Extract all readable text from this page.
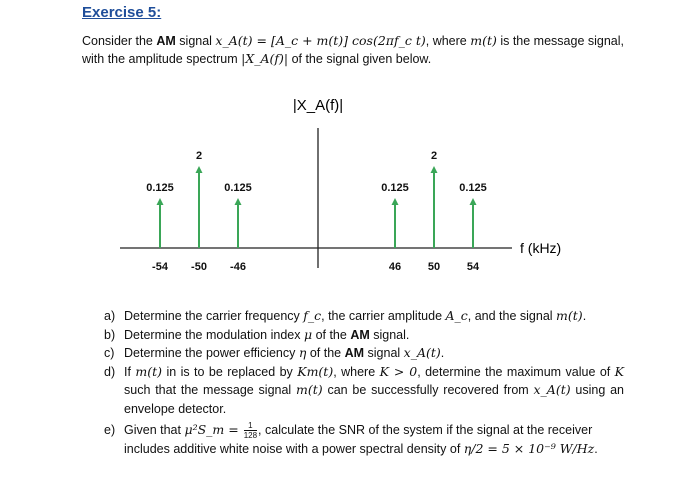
Exercise 5:
Consider the AM signal x_A(t) = [A_c + m(t)] cos(2πf_c t), where m(t) is the message signal, with the amplitude spectrum |X_A(f)| of the signal given below.
|X_A(f)|
f (kHz)
0.125
2
0.125	0.125
2
0.125
-54 -50 -46	46 50 54
a) Determine the carrier frequency f_c, the carrier amplitude A_c, and the signal m(t).
b) Determine the modulation index μ of the AM signal.
c) Determine the power efficiency η of the AM signal x_A(t).
d) If m(t) in is to be replaced by Km(t), where K > 0, determine the maximum value of K such that the message signal m(t) can be successfully recovered from x_A(t) using an envelope detector.
e) Given that μ²S_m = $\frac{1}{128}$ , calculate the SNR of the system if the signal at the receiver includes additive white noise with a power spectral density of η/2 = 5 × 10⁻⁹ W/Hz.
